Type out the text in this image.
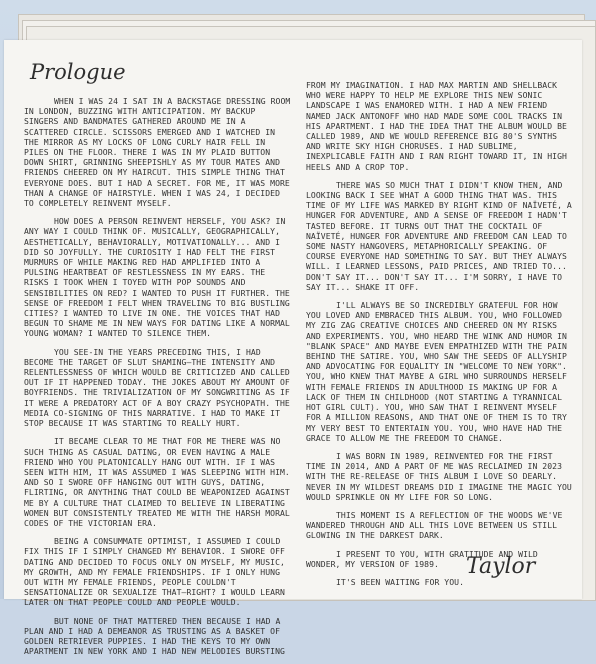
Prologue

WHEN I WAS 24 I SAT IN A BACKSTAGE DRESSING ROOM IN LONDON, BUZZING WITH ANTICIPATION. MY BACKUP SINGERS AND BANDMATES GATHERED AROUND ME IN A SCATTERED CIRCLE. SCISSORS EMERGED AND I WATCHED IN THE MIRROR AS MY LOCKS OF LONG CURLY HAIR FELL IN PILES ON THE FLOOR. THERE I WAS IN MY PLAID BUTTON DOWN SHIRT, GRINNING SHEEPISHLY AS MY TOUR MATES AND FRIENDS CHEERED ON MY HAIRCUT. THIS SIMPLE THING THAT EVERYONE DOES. BUT I HAD A SECRET. FOR ME, IT WAS MORE THAN A CHANGE OF HAIRSTYLE. WHEN I WAS 24, I DECIDED TO COMPLETELY REINVENT MYSELF.

HOW DOES A PERSON REINVENT HERSELF, YOU ASK? IN ANY WAY I COULD THINK OF. MUSICALLY, GEOGRAPHICALLY, AESTHETICALLY, BEHAVIORALLY, MOTIVATIONALLY... AND I DID SO JOYFULLY. THE CURIOSITY I HAD FELT THE FIRST MURMURS OF WHILE MAKING RED HAD AMPLIFIED INTO A PULSING HEARTBEAT OF RESTLESSNESS IN MY EARS. THE RISKS I TOOK WHEN I TOYED WITH POP SOUNDS AND SENSIBILITIES ON RED? I WANTED TO PUSH IT FURTHER. THE SENSE OF FREEDOM I FELT WHEN TRAVELING TO BIG BUSTLING CITIES? I WANTED TO LIVE IN ONE. THE VOICES THAT HAD BEGUN TO SHAME ME IN NEW WAYS FOR DATING LIKE A NORMAL YOUNG WOMAN? I WANTED TO SILENCE THEM.

YOU SEE-IN THE YEARS PRECEDING THIS, I HAD BECOME THE TARGET OF SLUT SHAMING—THE INTENSITY AND RELENTLESSNESS OF WHICH WOULD BE CRITICIZED AND CALLED OUT IF IT HAPPENED TODAY. THE JOKES ABOUT MY AMOUNT OF BOYFRIENDS. THE TRIVIALIZATION OF MY SONGWRITING AS IF IT WERE A PREDATORY ACT OF A BOY CRAZY PSYCHOPATH. THE MEDIA CO-SIGNING OF THIS NARRATIVE. I HAD TO MAKE IT STOP BECAUSE IT WAS STARTING TO REALLY HURT.

IT BECAME CLEAR TO ME THAT FOR ME THERE WAS NO SUCH THING AS CASUAL DATING, OR EVEN HAVING A MALE FRIEND WHO YOU PLATONICALLY HANG OUT WITH. IF I WAS SEEN WITH HIM, IT WAS ASSUMED I WAS SLEEPING WITH HIM. AND SO I SWORE OFF HANGING OUT WITH GUYS, DATING, FLIRTING, OR ANYTHING THAT COULD BE WEAPONIZED AGAINST ME BY A CULTURE THAT CLAIMED TO BELIEVE IN LIBERATING WOMEN BUT CONSISTENTLY TREATED ME WITH THE HARSH MORAL CODES OF THE VICTORIAN ERA.

BEING A CONSUMMATE OPTIMIST, I ASSUMED I COULD FIX THIS IF I SIMPLY CHANGED MY BEHAVIOR. I SWORE OFF DATING AND DECIDED TO FOCUS ONLY ON MYSELF, MY MUSIC, MY GROWTH, AND MY FEMALE FRIENDSHIPS. IF I ONLY HUNG OUT WITH MY FEMALE FRIENDS, PEOPLE COULDN'T SENSATIONALIZE OR SEXUALIZE THAT—RIGHT? I WOULD LEARN LATER ON THAT PEOPLE COULD AND PEOPLE WOULD.

BUT NONE OF THAT MATTERED THEN BECAUSE I HAD A PLAN AND I HAD A DEMEANOR AS TRUSTING AS A BASKET OF GOLDEN RETRIEVER PUPPIES. I HAD THE KEYS TO MY OWN APARTMENT IN NEW YORK AND I HAD NEW MELODIES BURSTING

FROM MY IMAGINATION. I HAD MAX MARTIN AND SHELLBACK WHO WERE HAPPY TO HELP ME EXPLORE THIS NEW SONIC LANDSCAPE I WAS ENAMORED WITH. I HAD A NEW FRIEND NAMED JACK ANTONOFF WHO HAD MADE SOME COOL TRACKS IN HIS APARTMENT. I HAD THE IDEA THAT THE ALBUM WOULD BE CALLED 1989, AND WE WOULD REFERENCE BIG 80'S SYNTHS AND WRITE SKY HIGH CHORUSES. I HAD SUBLIME, INEXPLICABLE FAITH AND I RAN RIGHT TOWARD IT, IN HIGH HEELS AND A CROP TOP.

THERE WAS SO MUCH THAT I DIDN'T KNOW THEN, AND LOOKING BACK I SEE WHAT A GOOD THING THAT WAS. THIS TIME OF MY LIFE WAS MARKED BY RIGHT KIND OF NAÏVETÉ, A HUNGER FOR ADVENTURE, AND A SENSE OF FREEDOM I HADN'T TASTED BEFORE. IT TURNS OUT THAT THE COCKTAIL OF NAÏVETÉ, HUNGER FOR ADVENTURE AND FREEDOM CAN LEAD TO SOME NASTY HANGOVERS, METAPHORICALLY SPEAKING. OF COURSE EVERYONE HAD SOMETHING TO SAY. BUT THEY ALWAYS WILL. I LEARNED LESSONS, PAID PRICES, AND TRIED TO... DON'T SAY IT... DON'T SAY IT... I'M SORRY, I HAVE TO SAY IT... SHAKE IT OFF.

I'LL ALWAYS BE SO INCREDIBLY GRATEFUL FOR HOW YOU LOVED AND EMBRACED THIS ALBUM. YOU, WHO FOLLOWED MY ZIG ZAG CREATIVE CHOICES AND CHEERED ON MY RISKS AND EXPERIMENTS. YOU, WHO HEARD THE WINK AND HUMOR IN "BLANK SPACE" AND MAYBE EVEN EMPATHIZED WITH THE PAIN BEHIND THE SATIRE. YOU, WHO SAW THE SEEDS OF ALLYSHIP AND ADVOCATING FOR EQUALITY IN "WELCOME TO NEW YORK". YOU, WHO KNEW THAT MAYBE A GIRL WHO SURROUNDS HERSELF WITH FEMALE FRIENDS IN ADULTHOOD IS MAKING UP FOR A LACK OF THEM IN CHILDHOOD (NOT STARTING A TYRANNICAL HOT GIRL CULT). YOU, WHO SAW THAT I REINVENT MYSELF FOR A MILLION REASONS, AND THAT ONE OF THEM IS TO TRY MY VERY BEST TO ENTERTAIN YOU. YOU, WHO HAVE HAD THE GRACE TO ALLOW ME THE FREEDOM TO CHANGE.

I WAS BORN IN 1989, REINVENTED FOR THE FIRST TIME IN 2014, AND A PART OF ME WAS RECLAIMED IN 2023 WITH THE RE-RELEASE OF THIS ALBUM I LOVE SO DEARLY. NEVER IN MY WILDEST DREAMS DID I IMAGINE THE MAGIC YOU WOULD SPRINKLE ON MY LIFE FOR SO LONG.

THIS MOMENT IS A REFLECTION OF THE WOODS WE'VE WANDERED THROUGH AND ALL THIS LOVE BETWEEN US STILL GLOWING IN THE DARKEST DARK.

I PRESENT TO YOU, WITH GRATITUDE AND WILD WONDER, MY VERSION OF 1989.

IT'S BEEN WAITING FOR YOU.

Taylor
